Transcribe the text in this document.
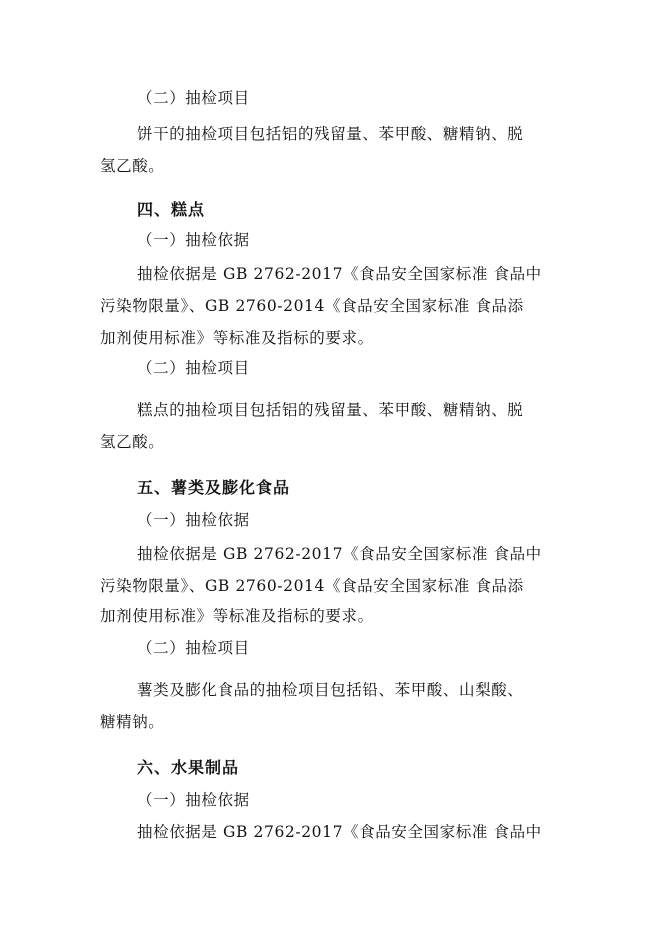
（二）抽检项目
饼干的抽检项目包括铝的残留量、苯甲酸、糖精钠、脱
氢乙酸。
四、糕点
（一）抽检依据
抽检依据是 GB 2762-2017《食品安全国家标准 食品中
污染物限量》、GB 2760-2014《食品安全国家标准 食品添
加剂使用标准》等标准及指标的要求。
（二）抽检项目
糕点的抽检项目包括铝的残留量、苯甲酸、糖精钠、脱
氢乙酸。
五、薯类及膨化食品
（一）抽检依据
抽检依据是 GB 2762-2017《食品安全国家标准 食品中
污染物限量》、GB 2760-2014《食品安全国家标准 食品添
加剂使用标准》等标准及指标的要求。
（二）抽检项目
薯类及膨化食品的抽检项目包括铅、苯甲酸、山梨酸、
糖精钠。
六、水果制品
（一）抽检依据
抽检依据是 GB 2762-2017《食品安全国家标准 食品中
